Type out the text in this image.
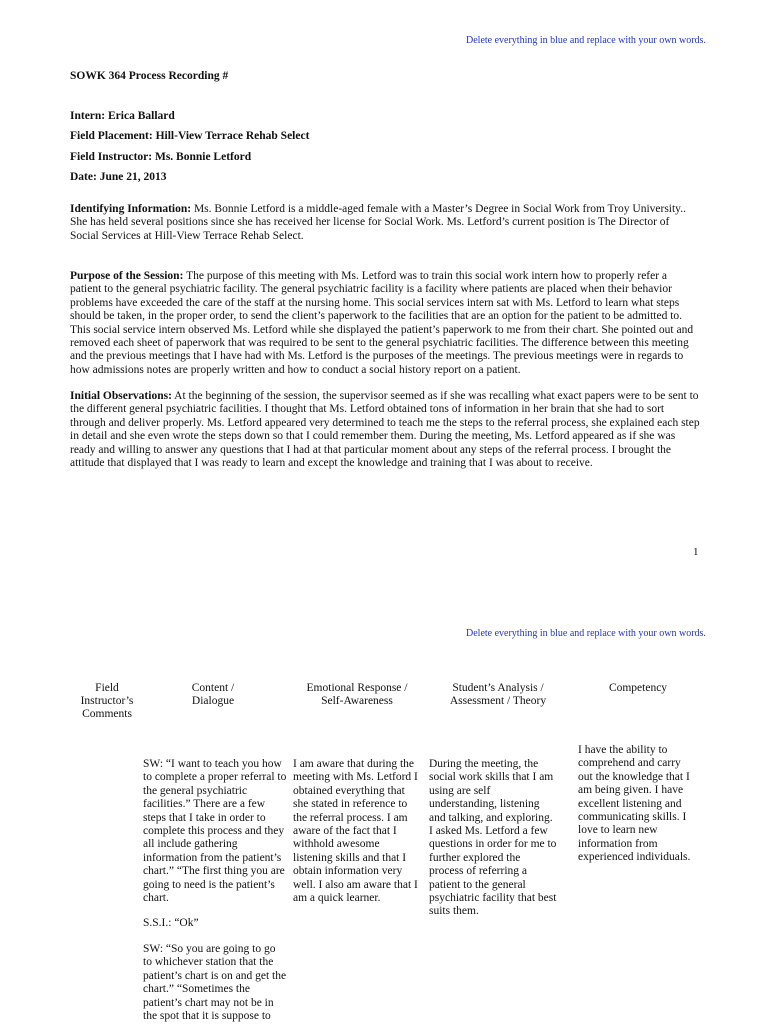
Delete everything in blue and replace with your own words.
SOWK 364 Process Recording #
Intern: Erica Ballard
Field Placement: Hill-View Terrace Rehab Select
Field Instructor: Ms. Bonnie Letford
Date: June 21, 2013
Identifying Information: Ms. Bonnie Letford is a middle-aged female with a Master’s Degree in Social Work from Troy University.. She has held several positions since she has received her license for Social Work. Ms. Letford’s current position is The Director of Social Services at Hill-View Terrace Rehab Select.
Purpose of the Session: The purpose of this meeting with Ms. Letford was to train this social work intern how to properly refer a patient to the general psychiatric facility. The general psychiatric facility is a facility where patients are placed when their behavior problems have exceeded the care of the staff at the nursing home. This social services intern sat with Ms. Letford to learn what steps should be taken, in the proper order, to send the client’s paperwork to the facilities that are an option for the patient to be admitted to. This social service intern observed Ms. Letford while she displayed the patient’s paperwork to me from their chart. She pointed out and removed each sheet of paperwork that was required to be sent to the general psychiatric facilities. The difference between this meeting and the previous meetings that I have had with Ms. Letford is the purposes of the meetings. The previous meetings were in regards to how admissions notes are properly written and how to conduct a social history report on a patient.
Initial Observations: At the beginning of the session, the supervisor seemed as if she was recalling what exact papers were to be sent to the different general psychiatric facilities. I thought that Ms. Letford obtained tons of information in her brain that she had to sort through and deliver properly. Ms. Letford appeared very determined to teach me the steps to the referral process, she explained each step in detail and she even wrote the steps down so that I could remember them. During the meeting, Ms. Letford appeared as if she was ready and willing to answer any questions that I had at that particular moment about any steps of the referral process. I brought the attitude that displayed that I was ready to learn and except the knowledge and training that I was about to receive.
1
Delete everything in blue and replace with your own words.
Field Instructor’s Comments
Content / Dialogue
Emotional Response / Self-Awareness
Student’s Analysis / Assessment / Theory
Competency

SW: “I want to teach you how to complete a proper referral to the general psychiatric facilities.” There are a few steps that I take in order to complete this process and they all include gathering information from the patient’s chart.” “The first thing you are going to need is the patient’s chart.

S.S.I.: “Ok”

SW: “So you are going to go to whichever station that the patient’s chart is on and get the chart.” “Sometimes the patient’s chart may not be in the spot that it is suppose to

I am aware that during the meeting with Ms. Letford I obtained everything that she stated in reference to the referral process. I am aware of the fact that I withhold awesome listening skills and that I obtain information very well. I also am aware that I am a quick learner.
During the meeting, the social work skills that I am using are self understanding, listening and talking, and exploring. I asked Ms. Letford a few questions in order for me to further explored the process of referring a patient to the general psychiatric facility that best suits them.
I have the ability to comprehend and carry out the knowledge that I am being given. I have excellent listening and communicating skills. I love to learn new information from experienced individuals.
